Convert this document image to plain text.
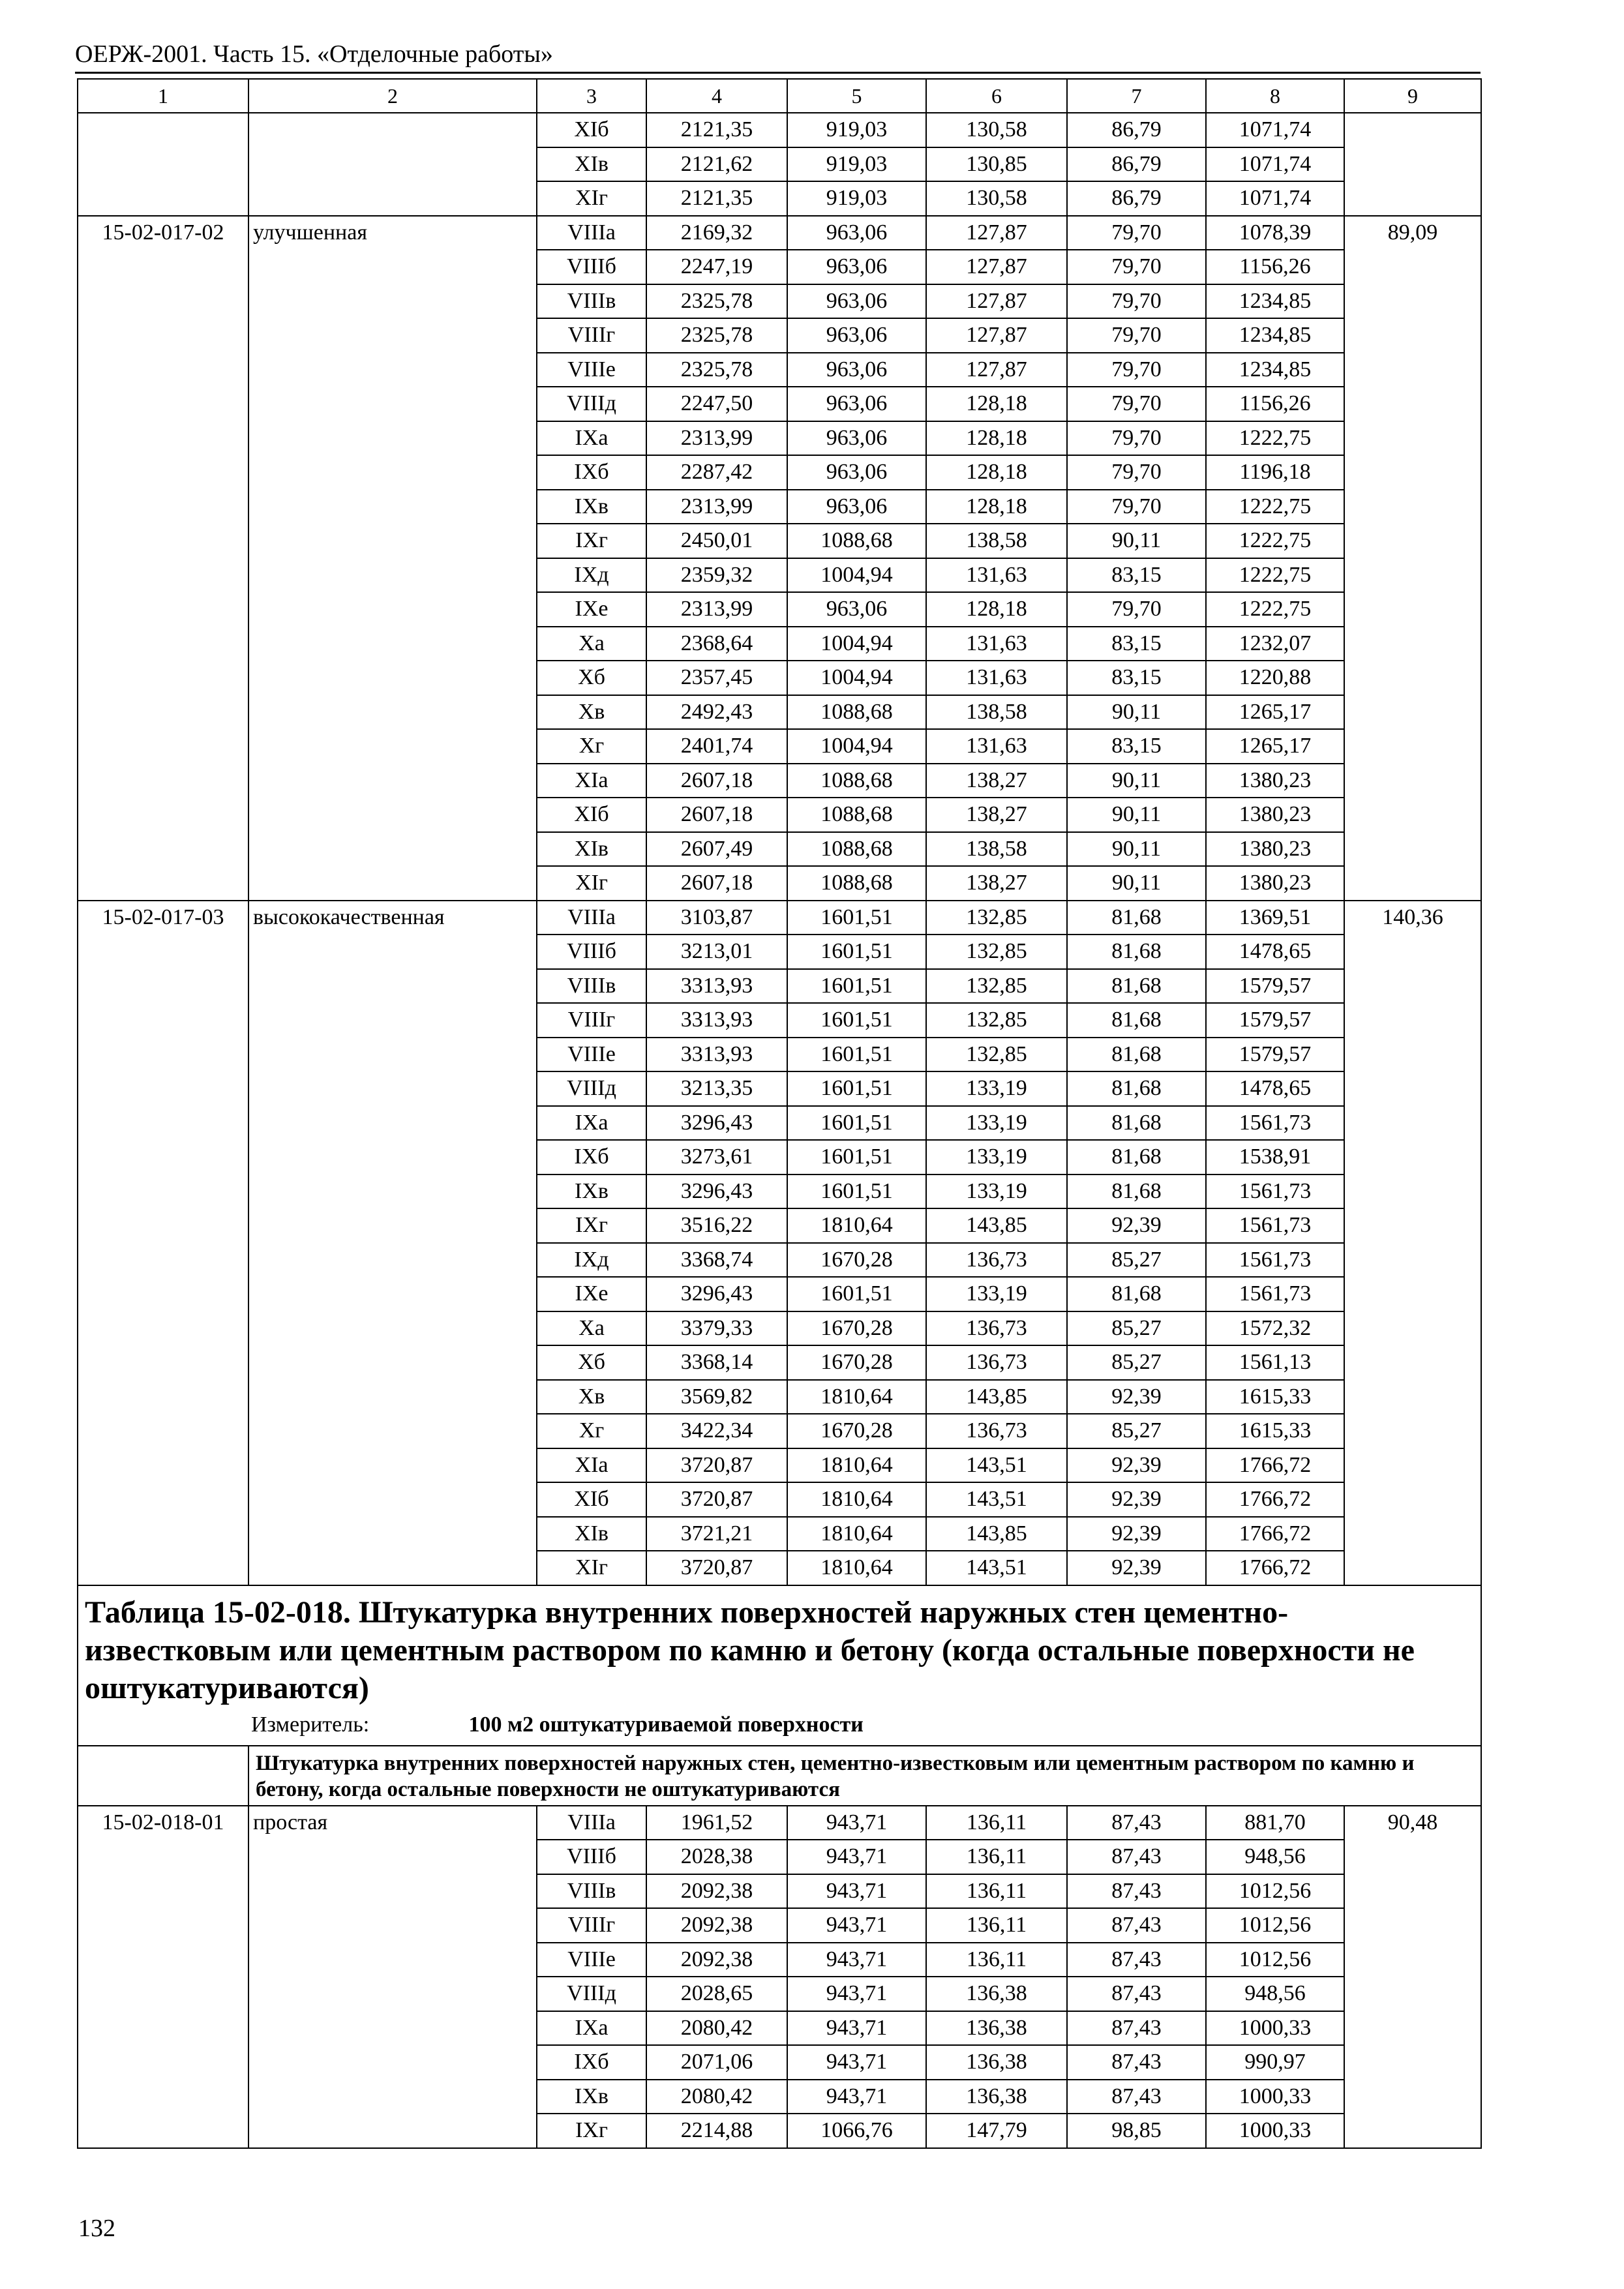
ОЕРЖ-2001. Часть 15. «Отделочные работы»
1	2	3	4	5	6	7	8	9
		XIб	2121,35	919,03	130,58	86,79	1071,74	
		XIв	2121,62	919,03	130,85	86,79	1071,74	
		XIг	2121,35	919,03	130,58	86,79	1071,74	
15-02-017-02	улучшенная	VIIIа	2169,32	963,06	127,87	79,70	1078,39	89,09
		VIIIб	2247,19	963,06	127,87	79,70	1156,26	
		VIIIв	2325,78	963,06	127,87	79,70	1234,85	
		VIIIг	2325,78	963,06	127,87	79,70	1234,85	
		VIIIе	2325,78	963,06	127,87	79,70	1234,85	
		VIIIд	2247,50	963,06	128,18	79,70	1156,26	
		IXа	2313,99	963,06	128,18	79,70	1222,75	
		IXб	2287,42	963,06	128,18	79,70	1196,18	
		IXв	2313,99	963,06	128,18	79,70	1222,75	
		IXг	2450,01	1088,68	138,58	90,11	1222,75	
		IXд	2359,32	1004,94	131,63	83,15	1222,75	
		IXе	2313,99	963,06	128,18	79,70	1222,75	
		Xа	2368,64	1004,94	131,63	83,15	1232,07	
		Xб	2357,45	1004,94	131,63	83,15	1220,88	
		Xв	2492,43	1088,68	138,58	90,11	1265,17	
		Xг	2401,74	1004,94	131,63	83,15	1265,17	
		XIа	2607,18	1088,68	138,27	90,11	1380,23	
		XIб	2607,18	1088,68	138,27	90,11	1380,23	
		XIв	2607,49	1088,68	138,58	90,11	1380,23	
		XIг	2607,18	1088,68	138,27	90,11	1380,23	
15-02-017-03	высококачественная	VIIIа	3103,87	1601,51	132,85	81,68	1369,51	140,36
		VIIIб	3213,01	1601,51	132,85	81,68	1478,65	
		VIIIв	3313,93	1601,51	132,85	81,68	1579,57	
		VIIIг	3313,93	1601,51	132,85	81,68	1579,57	
		VIIIе	3313,93	1601,51	132,85	81,68	1579,57	
		VIIIд	3213,35	1601,51	133,19	81,68	1478,65	
		IXа	3296,43	1601,51	133,19	81,68	1561,73	
		IXб	3273,61	1601,51	133,19	81,68	1538,91	
		IXв	3296,43	1601,51	133,19	81,68	1561,73	
		IXг	3516,22	1810,64	143,85	92,39	1561,73	
		IXд	3368,74	1670,28	136,73	85,27	1561,73	
		IXе	3296,43	1601,51	133,19	81,68	1561,73	
		Xа	3379,33	1670,28	136,73	85,27	1572,32	
		Xб	3368,14	1670,28	136,73	85,27	1561,13	
		Xв	3569,82	1810,64	143,85	92,39	1615,33	
		Xг	3422,34	1670,28	136,73	85,27	1615,33	
		XIа	3720,87	1810,64	143,51	92,39	1766,72	
		XIб	3720,87	1810,64	143,51	92,39	1766,72	
		XIв	3721,21	1810,64	143,85	92,39	1766,72	
		XIг	3720,87	1810,64	143,51	92,39	1766,72	

Таблица 15-02-018. Штукатурка внутренних поверхностей наружных стен цементно-известковым или цементным раствором по камню и бетону (когда остальные поверхности не оштукатуриваются)
Измеритель: 100 м2 оштукатуриваемой поверхности								

	Штукатурка внутренних поверхностей наружных стен, цементно-известковым или цементным раствором по камню и бетону, когда остальные поверхности не оштукатуриваются							
15-02-018-01	простая	VIIIа	1961,52	943,71	136,11	87,43	881,70	90,48
		VIIIб	2028,38	943,71	136,11	87,43	948,56	
		VIIIв	2092,38	943,71	136,11	87,43	1012,56	
		VIIIг	2092,38	943,71	136,11	87,43	1012,56	
		VIIIе	2092,38	943,71	136,11	87,43	1012,56	
		VIIIд	2028,65	943,71	136,38	87,43	948,56	
		IXа	2080,42	943,71	136,38	87,43	1000,33	
		IXб	2071,06	943,71	136,38	87,43	990,97	
		IXв	2080,42	943,71	136,38	87,43	1000,33	
		IXг	2214,88	1066,76	147,79	98,85	1000,33	
132
